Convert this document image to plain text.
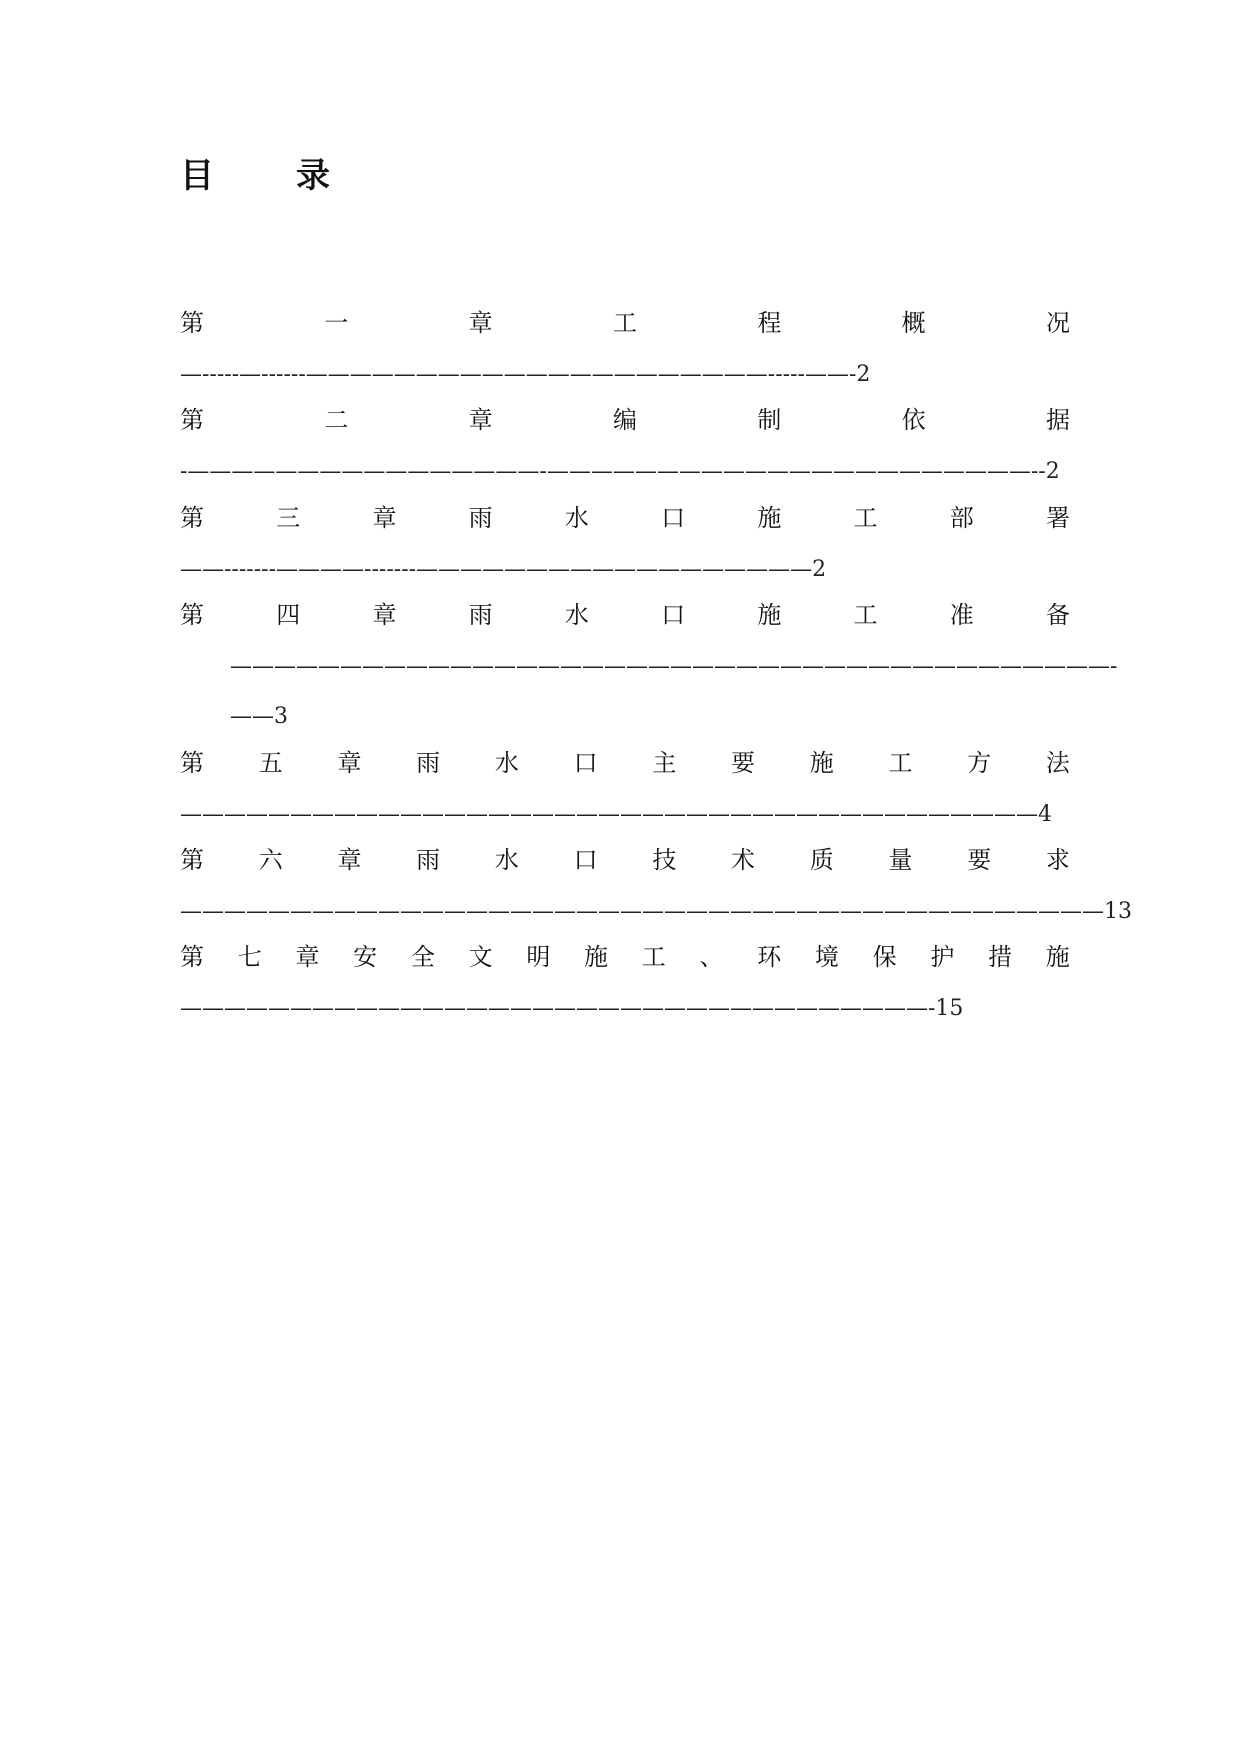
目 录
第	一	章	工	程	概	况
—-----—------—————————————————————-----——-2
第	二	章	编	制	依	据
-————————————————-——————————————————————--2
第	三	章	雨	水	口	施	工	部	署
——-------————-------——————————————————2
第	四	章	雨	水	口	施	工	准	备
————————————————————————————————————————-
——3
第 五 章 雨 水 口 主 要 施 工 方 法
———————————————————————————————————————4
第 六 章 雨 水 口 技 术 质 量 要 求
——————————————————————————————————————————13
第 七 章 安 全 文 明 施 工 、 环 境 保 护 措 施
——————————————————————————————————-15
